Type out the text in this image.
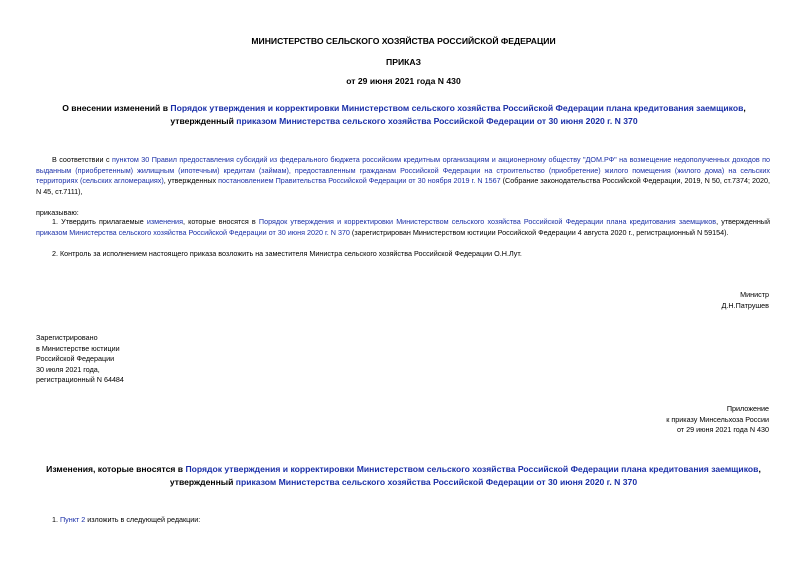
МИНИСТЕРСТВО СЕЛЬСКОГО ХОЗЯЙСТВА РОССИЙСКОЙ ФЕДЕРАЦИИ
ПРИКАЗ
от 29 июня 2021 года N 430
О внесении изменений в Порядок утверждения и корректировки Министерством сельского хозяйства Российской Федерации плана кредитования заемщиков, утвержденный приказом Министерства сельского хозяйства Российской Федерации от 30 июня 2020 г. N 370
В соответствии с пунктом 30 Правил предоставления субсидий из федерального бюджета российским кредитным организациям и акционерному обществу "ДОМ.РФ" на возмещение недополученных доходов по выданным (приобретенным) жилищным (ипотечным) кредитам (займам), предоставленным гражданам Российской Федерации на строительство (приобретение) жилого помещения (жилого дома) на сельских территориях (сельских агломерациях), утвержденных постановлением Правительства Российской Федерации от 30 ноября 2019 г. N 1567 (Собрание законодательства Российской Федерации, 2019, N 50, ст.7374; 2020, N 45, ст.7111),
приказываю:
1. Утвердить прилагаемые изменения, которые вносятся в Порядок утверждения и корректировки Министерством сельского хозяйства Российской Федерации плана кредитования заемщиков, утвержденный приказом Министерства сельского хозяйства Российской Федерации от 30 июня 2020 г. N 370 (зарегистрирован Министерством юстиции Российской Федерации 4 августа 2020 г., регистрационный N 59154).
2. Контроль за исполнением настоящего приказа возложить на заместителя Министра сельского хозяйства Российской Федерации О.Н.Лут.
Министр
Д.Н.Патрушев
Зарегистрировано
в Министерстве юстиции
Российской Федерации
30 июля 2021 года,
регистрационный N 64484
Приложение
к приказу Минсельхоза России
от 29 июня 2021 года N 430
Изменения, которые вносятся в Порядок утверждения и корректировки Министерством сельского хозяйства Российской Федерации плана кредитования заемщиков, утвержденный приказом Министерства сельского хозяйства Российской Федерации от 30 июня 2020 г. N 370
1. Пункт 2 изложить в следующей редакции:
